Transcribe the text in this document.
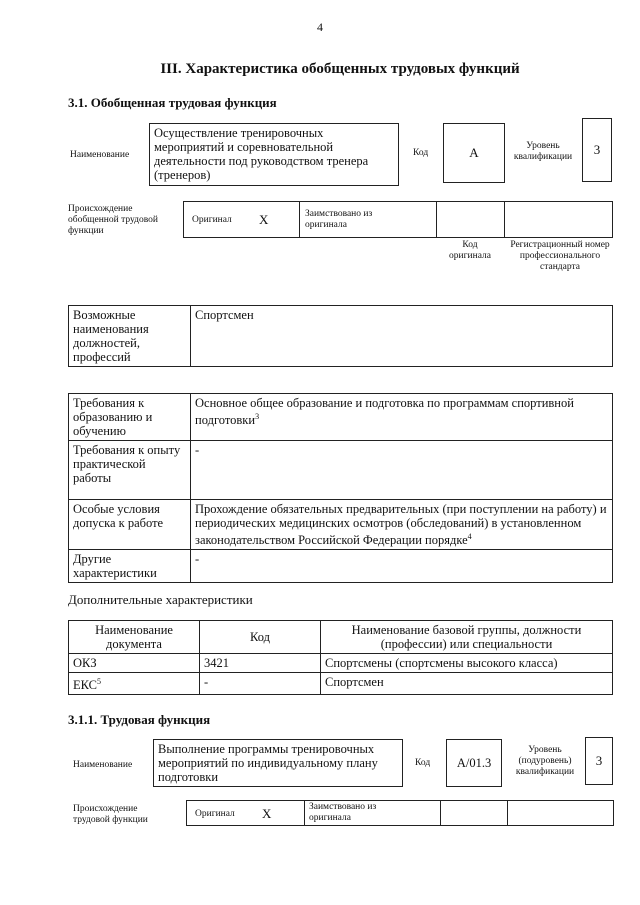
4
III. Характеристика обобщенных трудовых функций
3.1. Обобщенная трудовая функция
Наименование
Осуществление тренировочных мероприятий и соревновательной деятельности под руководством тренера (тренеров)
Код	А	Уровень квалификации	3
Происхождение обобщенной трудовой функции
Оригинал Х	Заимствовано из оригинала
Код оригинала
Регистрационный номер профессионального стандарта
Возможные наименования должностей, профессий	Спортсмен
Требования к образованию и обучению	Основное общее образование и подготовка по программам спортивной подготовки$^3$
Требования к опыту практической работы	-
Особые условия допуска к работе	Прохождение обязательных предварительных (при поступлении на работу) и периодических медицинских осмотров (обследований) в установленном законодательством Российской Федерации порядке$^4$
Другие характеристики	-
Дополнительные характеристики
Наименование документа	Код	Наименование базовой группы, должности (профессии) или специальности
ОКЗ	3421	Спортсмены (спортсмены высокого класса)
ЕКС$^5$	-	Спортсмен
3.1.1. Трудовая функция
Наименование
Выполнение программы тренировочных мероприятий по индивидуальному плану подготовки
Код A/01.3
Уровень (подуровень) квалификации
3
Происхождение трудовой функции
Оригинал Х	Заимствовано из оригинала
